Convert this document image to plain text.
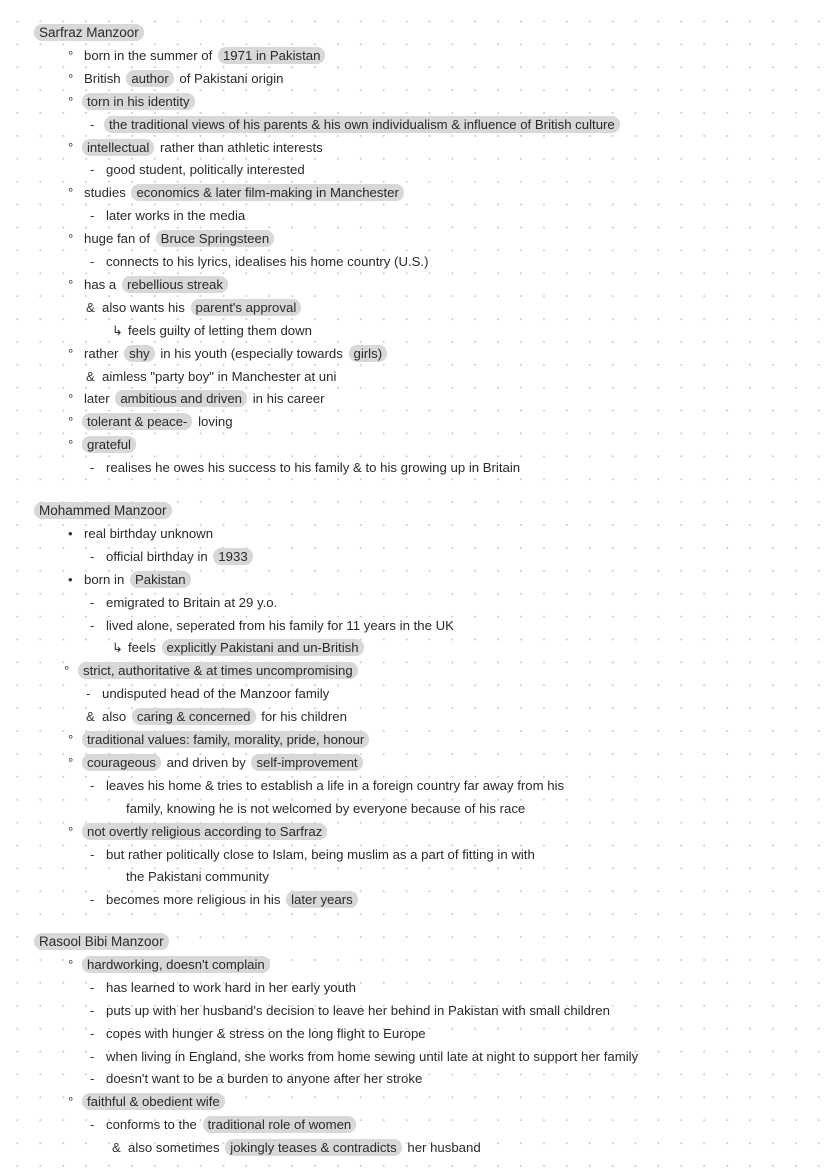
Sarfraz Manzoor
° born in the summer of 1971 in Pakistan
° British author of Pakistani origin
° torn in his identity
- the traditional views of his parents & his own individualism & influence of British culture
° intellectual rather than athletic interests
- good student, politically interested
° studies economics & later film-making in Manchester
- later works in the media
° huge fan of Bruce Springsteen
- connects to his lyrics, idealises his home country (U.S.)
° has a rebellious streak
& also wants his parent's approval
↳ feels guilty of letting them down
° rather shy in his youth (especially towards girls)
& aimless "party boy" in Manchester at uni
° later ambitious and driven in his career
° tolerant & peace- loving
° grateful
- realises he owes his success to his family & to his growing up in Britain
Mohammed Manzoor
• real birthday unknown
- official birthday in 1933
• born in Pakistan
- emigrated to Britain at 29 y.o.
- lived alone, seperated from his family for 11 years in the UK
↳ feels explicitly Pakistani and un-British
° strict, authoritative & at times uncompromising
- undisputed head of the Manzoor family
& also caring & concerned for his children
° traditional values: family, morality, pride, honour
° courageous and driven by self-improvement
- leaves his home & tries to establish a life in a foreign country far away from his
family, knowing he is not welcomed by everyone because of his race
° not overtly religious according to Sarfraz
- but rather politically close to Islam, being muslim as a part of fitting in with
the Pakistani community
- becomes more religious in his later years
Rasool Bibi Manzoor
° hardworking, doesn't complain
- has learned to work hard in her early youth
- puts up with her husband's decision to leave her behind in Pakistan with small children
- copes with hunger & stress on the long flight to Europe
- when living in England, she works from home sewing until late at night to support her family
- doesn't want to be a burden to anyone after her stroke
° faithful & obedient wife
- conforms to the traditional role of women
& also sometimes jokingly teases & contradicts her husband
